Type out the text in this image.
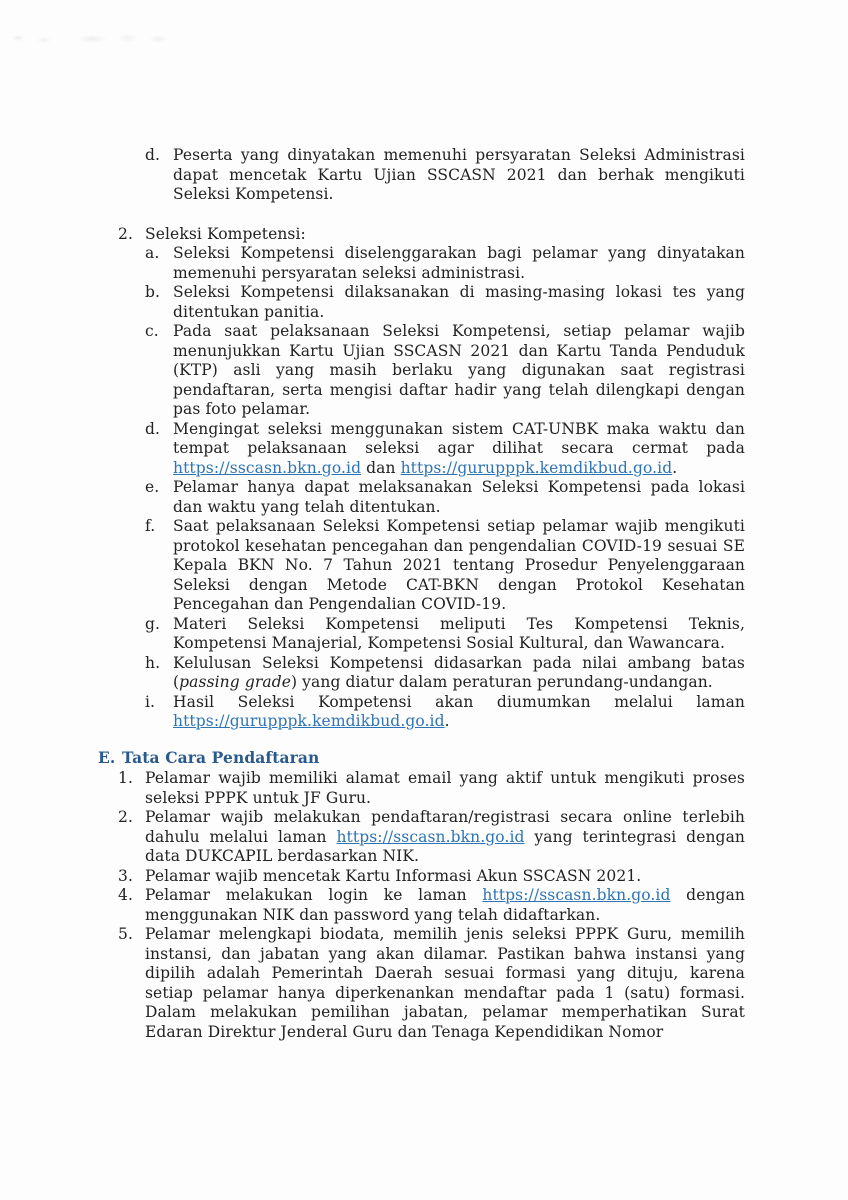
d. Peserta yang dinyatakan memenuhi persyaratan Seleksi Administrasi dapat mencetak Kartu Ujian SSCASN 2021 dan berhak mengikuti Seleksi Kompetensi.
2. Seleksi Kompetensi:
a. Seleksi Kompetensi diselenggarakan bagi pelamar yang dinyatakan memenuhi persyaratan seleksi administrasi.
b. Seleksi Kompetensi dilaksanakan di masing-masing lokasi tes yang ditentukan panitia.
c. Pada saat pelaksanaan Seleksi Kompetensi, setiap pelamar wajib menunjukkan Kartu Ujian SSCASN 2021 dan Kartu Tanda Penduduk (KTP) asli yang masih berlaku yang digunakan saat registrasi pendaftaran, serta mengisi daftar hadir yang telah dilengkapi dengan pas foto pelamar.
d. Mengingat seleksi menggunakan sistem CAT-UNBK maka waktu dan tempat pelaksanaan seleksi agar dilihat secara cermat pada https://sscasn.bkn.go.id dan https://gurupppk.kemdikbud.go.id.
e. Pelamar hanya dapat melaksanakan Seleksi Kompetensi pada lokasi dan waktu yang telah ditentukan.
f. Saat pelaksanaan Seleksi Kompetensi setiap pelamar wajib mengikuti protokol kesehatan pencegahan dan pengendalian COVID-19 sesuai SE Kepala BKN No. 7 Tahun 2021 tentang Prosedur Penyelenggaraan Seleksi dengan Metode CAT-BKN dengan Protokol Kesehatan Pencegahan dan Pengendalian COVID-19.
g. Materi Seleksi Kompetensi meliputi Tes Kompetensi Teknis, Kompetensi Manajerial, Kompetensi Sosial Kultural, dan Wawancara.
h. Kelulusan Seleksi Kompetensi didasarkan pada nilai ambang batas (passing grade) yang diatur dalam peraturan perundang-undangan.
i. Hasil Seleksi Kompetensi akan diumumkan melalui laman https://gurupppk.kemdikbud.go.id.
E. Tata Cara Pendaftaran
1. Pelamar wajib memiliki alamat email yang aktif untuk mengikuti proses seleksi PPPK untuk JF Guru.
2. Pelamar wajib melakukan pendaftaran/registrasi secara online terlebih dahulu melalui laman https://sscasn.bkn.go.id yang terintegrasi dengan data DUKCAPIL berdasarkan NIK.
3. Pelamar wajib mencetak Kartu Informasi Akun SSCASN 2021.
4. Pelamar melakukan login ke laman https://sscasn.bkn.go.id dengan menggunakan NIK dan password yang telah didaftarkan.
5. Pelamar melengkapi biodata, memilih jenis seleksi PPPK Guru, memilih instansi, dan jabatan yang akan dilamar. Pastikan bahwa instansi yang dipilih adalah Pemerintah Daerah sesuai formasi yang dituju, karena setiap pelamar hanya diperkenankan mendaftar pada 1 (satu) formasi. Dalam melakukan pemilihan jabatan, pelamar memperhatikan Surat Edaran Direktur Jenderal Guru dan Tenaga Kependidikan Nomor
